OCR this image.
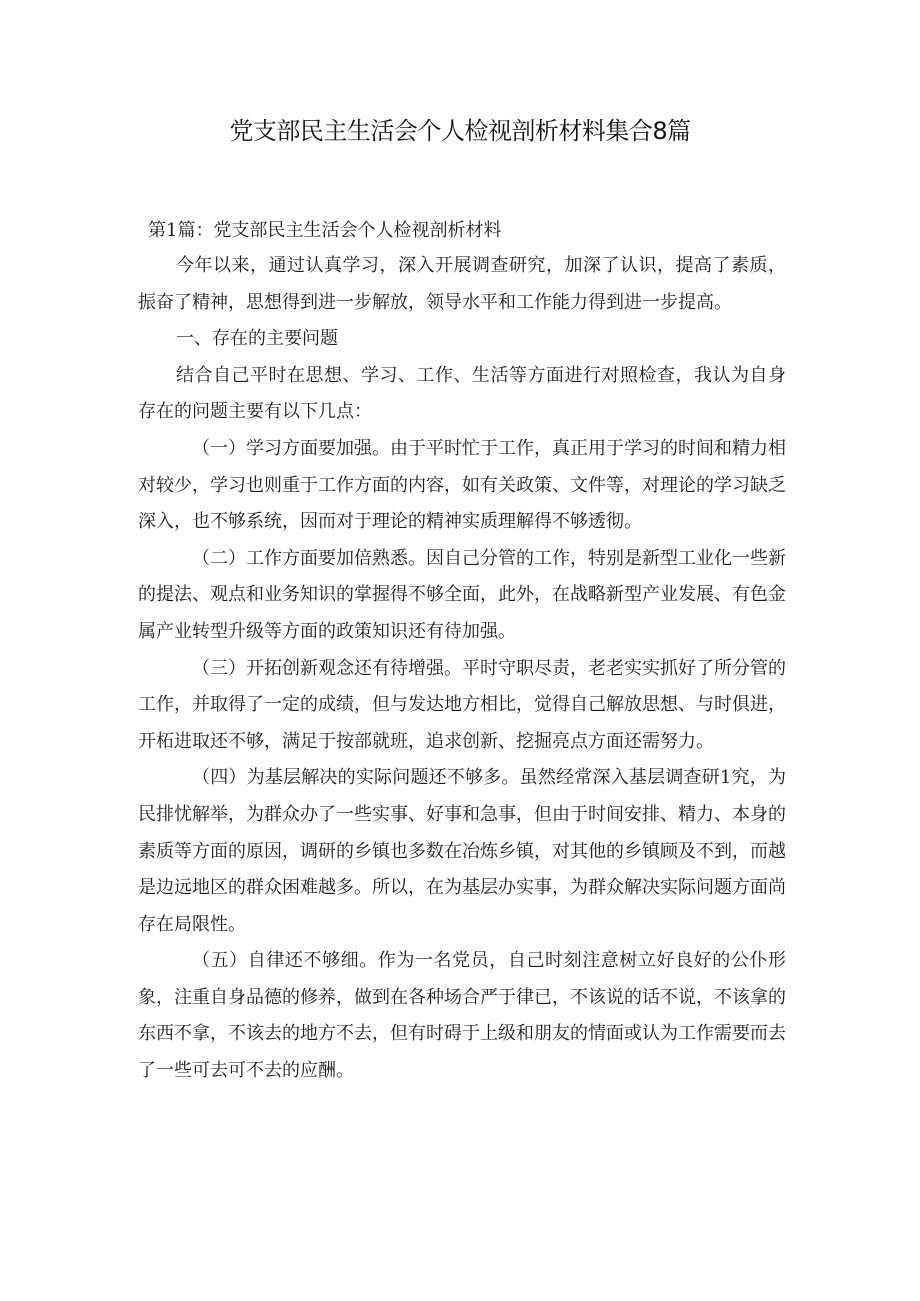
党支部民主生活会个人检视剖析材料集合8篇

第1篇：党支部民主生活会个人检视剖析材料

今年以来，通过认真学习，深入开展调查研究，加深了认识，提高了素质，振奋了精神，思想得到进一步解放，领导水平和工作能力得到进一步提高。

一、存在的主要问题

结合自己平时在思想、学习、工作、生活等方面进行对照检查，我认为自身存在的问题主要有以下几点：

（一）学习方面要加强。由于平时忙于工作，真正用于学习的时间和精力相对较少，学习也则重于工作方面的内容，如有关政策、文件等，对理论的学习缺乏深入，也不够系统，因而对于理论的精神实质理解得不够透彻。

（二）工作方面要加倍熟悉。因自己分管的工作，特别是新型工业化一些新的提法、观点和业务知识的掌握得不够全面，此外，在战略新型产业发展、有色金属产业转型升级等方面的政策知识还有待加强。

（三）开拓创新观念还有待增强。平时守职尽责，老老实实抓好了所分管的工作，并取得了一定的成绩，但与发达地方相比，觉得自己解放思想、与时俱进，开柘进取还不够，满足于按部就班，追求创新、挖掘亮点方面还需努力。

（四）为基层解决的实际问题还不够多。虽然经常深入基层调查研1究，为民排忧解举，为群众办了一些实事、好事和急事，但由于时间安排、精力、本身的素质等方面的原因，调研的乡镇也多数在冶炼乡镇，对其他的乡镇顾及不到，而越是边远地区的群众困难越多。所以，在为基层办实事，为群众解决实际问题方面尚存在局限性。

（五）自律还不够细。作为一名党员，自己时刻注意树立好良好的公仆形象，注重自身品德的修养，做到在各种场合严于律已，不该说的话不说，不该拿的东西不拿，不该去的地方不去，但有时碍于上级和朋友的情面或认为工作需要而去了一些可去可不去的应酬。
